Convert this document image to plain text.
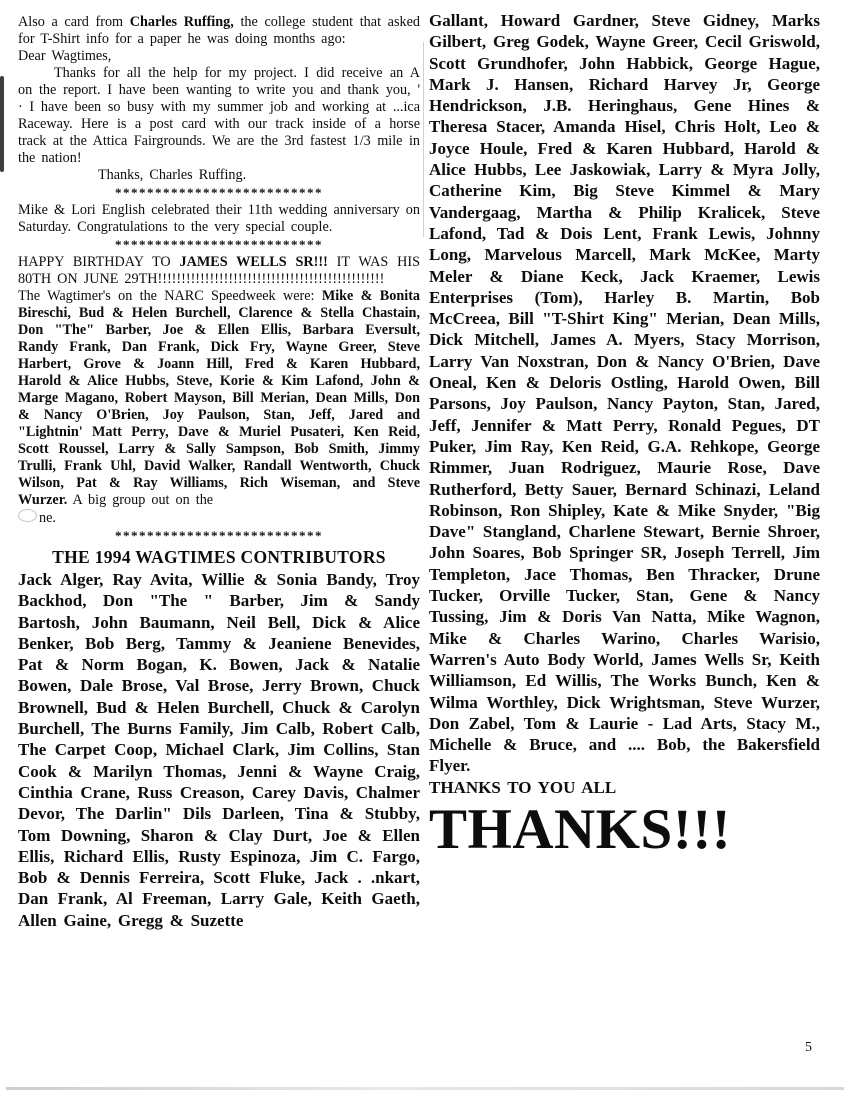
Also a card from Charles Ruffing, the college student that asked for T-Shirt info for a paper he was doing months ago:
Dear Wagtimes,
Thanks for all the help for my project. I did receive an A on the report. I have been wanting to write you and thank you, ' · I have been so busy with my summer job and working at ...ica Raceway. Here is a post card with our track inside of a horse track at the Attica Fairgrounds. We are the 3rd fastest 1/3 mile in the nation!
Thanks, Charles Ruffing.
**************************
Mike & Lori English celebrated their 11th wedding anniversary on Saturday. Congratulations to the very special couple.
**************************
HAPPY BIRTHDAY TO JAMES WELLS SR!!! IT WAS HIS 80TH ON JUNE 29TH!!!!!!!!!!!!!!!!!!!!!!!!!!!!!!!!!!!!!!!!!!!!!!!!
The Wagtimer's on the NARC Speedweek were: Mike & Bonita Bireschi, Bud & Helen Burchell, Clarence & Stella Chastain, Don "The" Barber, Joe & Ellen Ellis, Barbara Eversult, Randy Frank, Dan Frank, Dick Fry, Wayne Greer, Steve Harbert, Grove & Joann Hill, Fred & Karen Hubbard, Harold & Alice Hubbs, Steve, Korie & Kim Lafond, John & Marge Magano, Robert Mayson, Bill Merian, Dean Mills, Don & Nancy O'Brien, Joy Paulson, Stan, Jeff, Jared and "Lightnin' Matt Perry, Dave & Muriel Pusateri, Ken Reid, Scott Roussel, Larry & Sally Sampson, Bob Smith, Jimmy Trulli, Frank Uhl, David Walker, Randall Wentworth, Chuck Wilson, Pat & Ray Williams, Rich Wiseman, and Steve Wurzer. A big group out on the
ne.
**************************
THE 1994 WAGTIMES CONTRIBUTORS
Jack Alger, Ray Avita, Willie & Sonia Bandy, Troy Backhod, Don "The " Barber, Jim & Sandy Bartosh, John Baumann, Neil Bell, Dick & Alice Benker, Bob Berg, Tammy & Jeaniene Benevides, Pat & Norm Bogan, K. Bowen, Jack & Natalie Bowen, Dale Brose, Val Brose, Jerry Brown, Chuck Brownell, Bud & Helen Burchell, Chuck & Carolyn Burchell, The Burns Family, Jim Calb, Robert Calb, The Carpet Coop, Michael Clark, Jim Collins, Stan Cook & Marilyn Thomas, Jenni & Wayne Craig, Cinthia Crane, Russ Creason, Carey Davis, Chalmer Devor, The Darlin" Dils Darleen, Tina & Stubby, Tom Downing, Sharon & Clay Durt, Joe & Ellen Ellis, Richard Ellis, Rusty Espinoza, Jim C. Fargo, Bob & Dennis Ferreira, Scott Fluke, Jack . .nkart, Dan Frank, Al Freeman, Larry Gale, Keith Gaeth, Allen Gaine, Gregg & Suzette
Gallant, Howard Gardner, Steve Gidney, Marks Gilbert, Greg Godek, Wayne Greer, Cecil Griswold, Scott Grundhofer, John Habbick, George Hague, Mark J. Hansen, Richard Harvey Jr, George Hendrickson, J.B. Heringhaus, Gene Hines & Theresa Stacer, Amanda Hisel, Chris Holt, Leo & Joyce Houle, Fred & Karen Hubbard, Harold & Alice Hubbs, Lee Jaskowiak, Larry & Myra Jolly, Catherine Kim, Big Steve Kimmel & Mary Vandergaag, Martha & Philip Kralicek, Steve Lafond, Tad & Dois Lent, Frank Lewis, Johnny Long, Marvelous Marcell, Mark McKee, Marty Meler & Diane Keck, Jack Kraemer, Lewis Enterprises (Tom), Harley B. Martin, Bob McCreea, Bill "T-Shirt King" Merian, Dean Mills, Dick Mitchell, James A. Myers, Stacy Morrison, Larry Van Noxstran, Don & Nancy O'Brien, Dave Oneal, Ken & Deloris Ostling, Harold Owen, Bill Parsons, Joy Paulson, Nancy Payton, Stan, Jared, Jeff, Jennifer & Matt Perry, Ronald Pegues, DT Puker, Jim Ray, Ken Reid, G.A. Rehkope, George Rimmer, Juan Rodriguez, Maurie Rose, Dave Rutherford, Betty Sauer, Bernard Schinazi, Leland Robinson, Ron Shipley, Kate & Mike Snyder, "Big Dave" Stangland, Charlene Stewart, Bernie Shroer, John Soares, Bob Springer SR, Joseph Terrell, Jim Templeton, Jace Thomas, Ben Thracker, Drune Tucker, Orville Tucker, Stan, Gene & Nancy Tussing, Jim & Doris Van Natta, Mike Wagnon, Mike & Charles Warino, Charles Warisio, Warren's Auto Body World, James Wells Sr, Keith Williamson, Ed Willis, The Works Bunch, Ken & Wilma Worthley, Dick Wrightsman, Steve Wurzer, Don Zabel, Tom & Laurie - Lad Arts, Stacy M., Michelle & Bruce, and .... Bob, the Bakersfield Flyer.
THANKS TO YOU ALL
THANKS!!!
5
